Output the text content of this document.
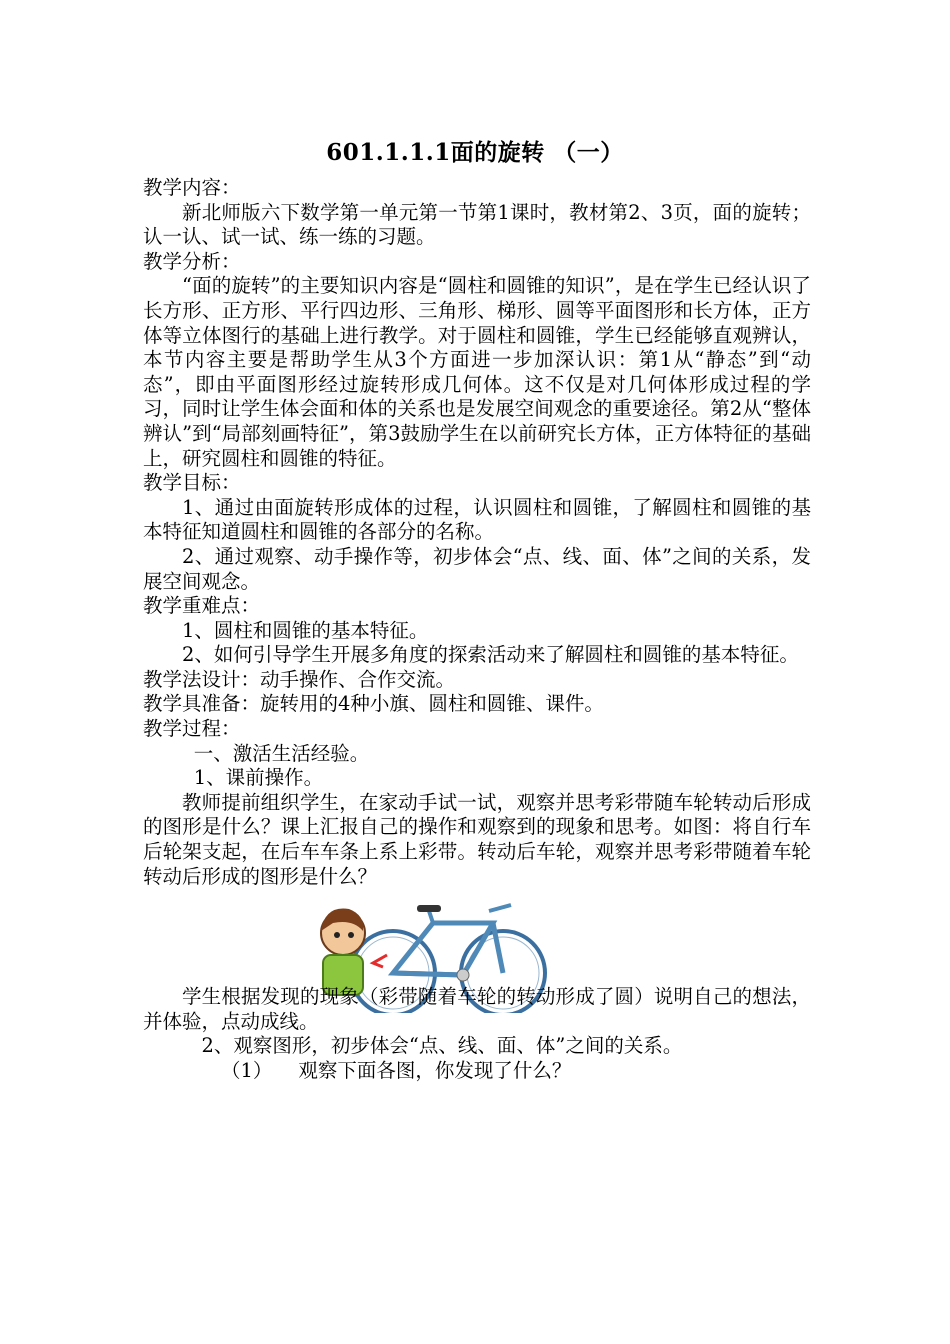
601.1.1.1面的旋转 （一）

教学内容：

新北师版六下数学第一单元第一节第1课时，教材第2、3页，面的旋转；认一认、试一试、练一练的习题。

教学分析：

“面的旋转”的主要知识内容是“圆柱和圆锥的知识”，是在学生已经认识了长方形、正方形、平行四边形、三角形、梯形、圆等平面图形和长方体，正方体等立体图行的基础上进行教学。对于圆柱和圆锥，学生已经能够直观辨认，本节内容主要是帮助学生从3个方面进一步加深认识：第1从“静态”到“动态”，即由平面图形经过旋转形成几何体。这不仅是对几何体形成过程的学习，同时让学生体会面和体的关系也是发展空间观念的重要途径。第2从“整体辨认”到“局部刻画特征”，第3鼓励学生在以前研究长方体，正方体特征的基础上，研究圆柱和圆锥的特征。

教学目标：

1、通过由面旋转形成体的过程，认识圆柱和圆锥，了解圆柱和圆锥的基本特征知道圆柱和圆锥的各部分的名称。

2、通过观察、动手操作等，初步体会“点、线、面、体”之间的关系，发展空间观念。

教学重难点：

1、圆柱和圆锥的基本特征。

2、如何引导学生开展多角度的探索活动来了解圆柱和圆锥的基本特征。

教学法设计：动手操作、合作交流。

教学具准备：旋转用的4种小旗、圆柱和圆锥、课件。

教学过程：

一、激活生活经验。

1、课前操作。

教师提前组织学生，在家动手试一试，观察并思考彩带随车轮转动后形成的图形是什么？课上汇报自己的操作和观察到的现象和思考。如图：将自行车后轮架支起，在后车车条上系上彩带。转动后车轮，观察并思考彩带随着车轮转动后形成的图形是什么？

学生根据发现的现象（彩带随着车轮的转动形成了圆）说明自己的想法，并体验，点动成线。

2、观察图形，初步体会“点、线、面、体”之间的关系。

（1） 观察下面各图，你发现了什么？
